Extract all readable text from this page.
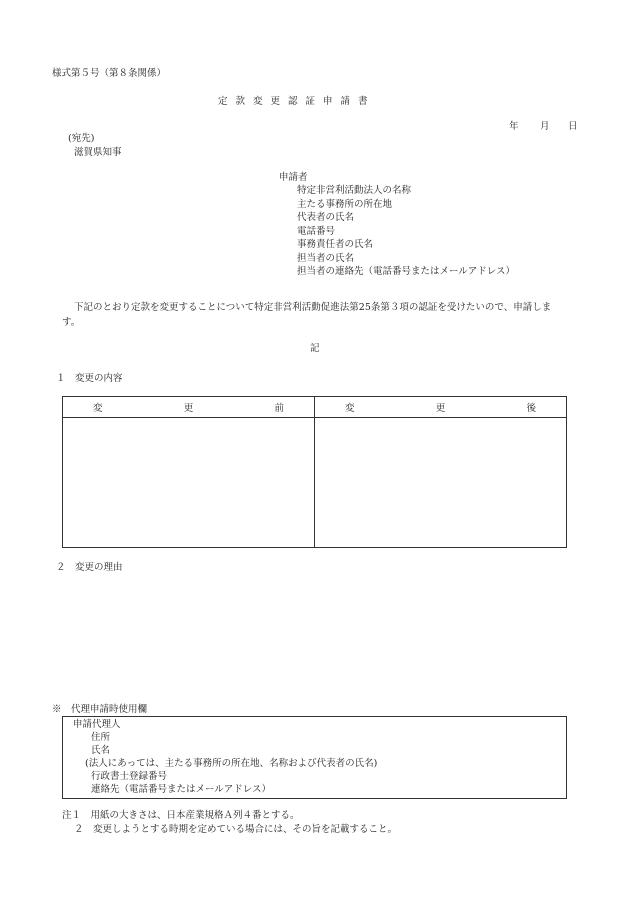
様式第５号（第８条関係）
定款変更認証申請書
年 月 日
(宛先)
滋賀県知事
申請者
特定非営利活動法人の名称
主たる事務所の所在地
代表者の氏名
電話番号
事務責任者の氏名
担当者の氏名
担当者の連絡先（電話番号またはメールアドレス）
下記のとおり定款を変更することについて特定非営利活動促進法第25条第３項の認証を受けたいので、申請しま
す。
記
１　変更の内容
変 更 前	変 更 後

２　変更の理由
※　代理申請時使用欄
申請代理人
住所
氏名
(法人にあっては、主たる事務所の所在地、名称および代表者の氏名)
行政書士登録番号
連絡先（電話番号またはメールアドレス）
注１　用紙の大きさは、日本産業規格Ａ列４番とする。
２　変更しようとする時期を定めている場合には、その旨を記載すること。
